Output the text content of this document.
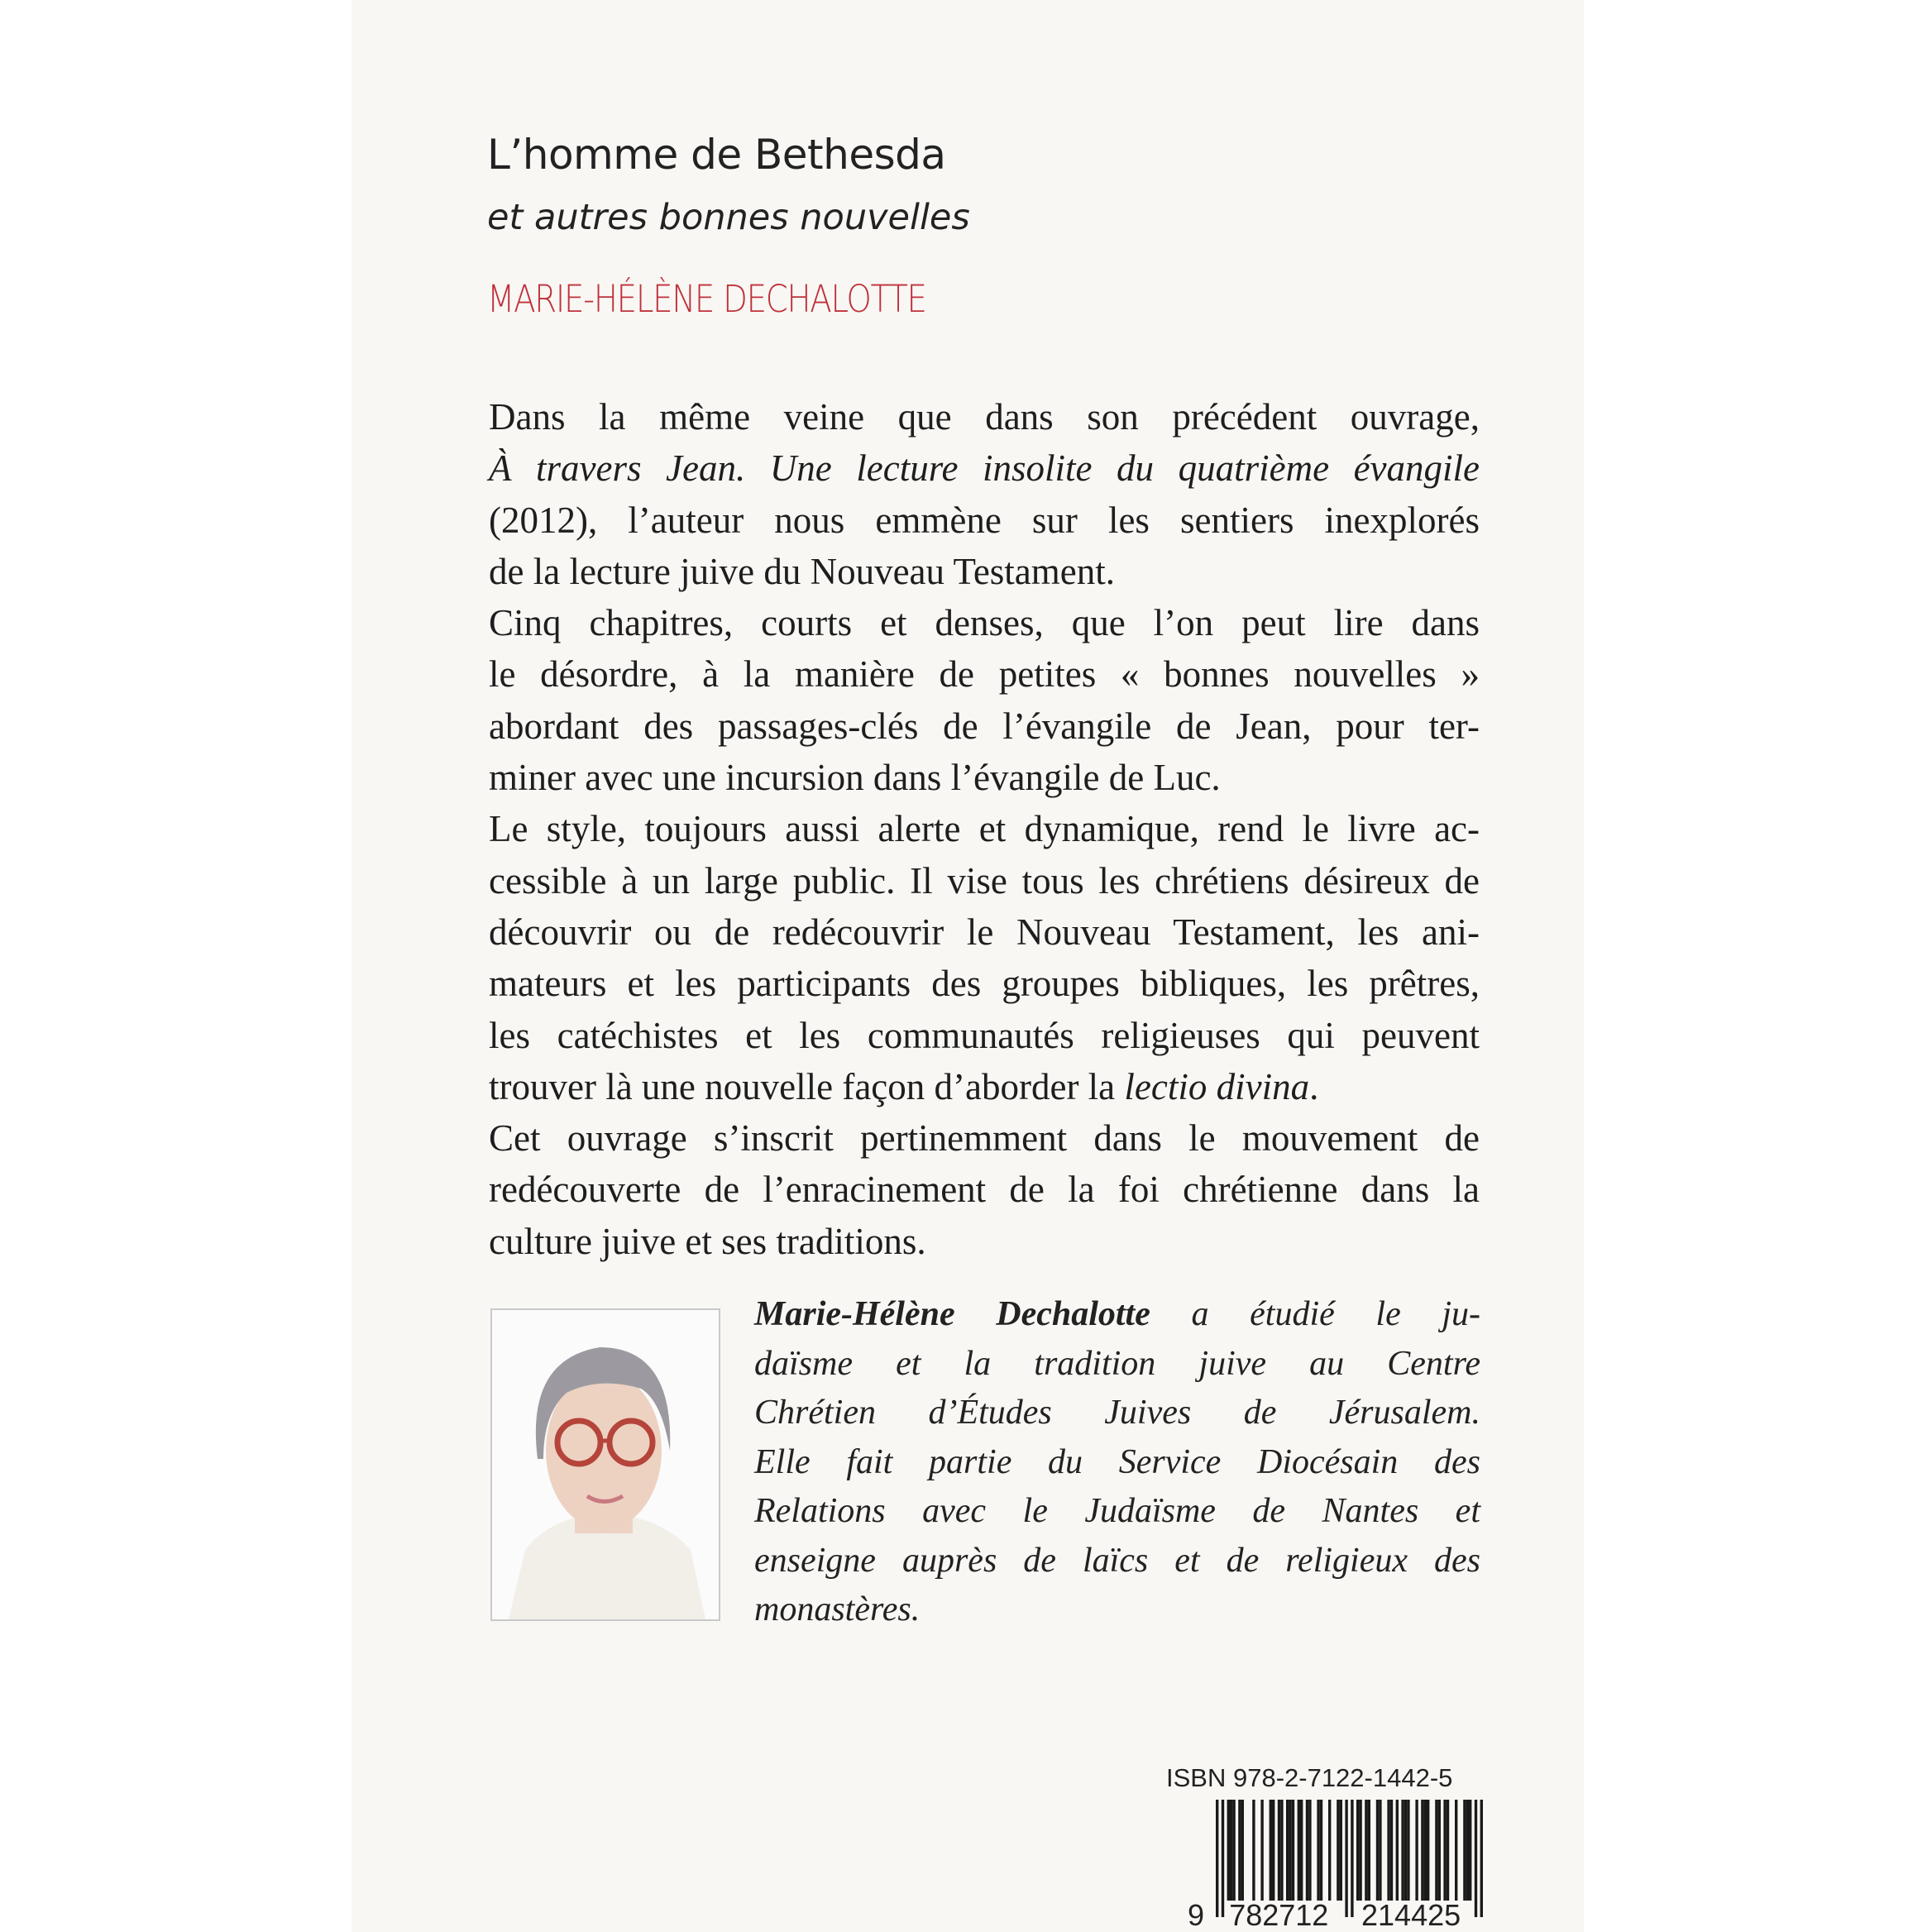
L’homme de Bethesda
et autres bonnes nouvelles
MARIE-HÉLÈNE DECHALOTTE
Dans la même veine que dans son précédent ouvrage,
À travers Jean. Une lecture insolite du quatrième évangile
(2012), l’auteur nous emmène sur les sentiers inexplorés
de la lecture juive du Nouveau Testament.
Cinq chapitres, courts et denses, que l’on peut lire dans
le désordre, à la manière de petites « bonnes nouvelles »
abordant des passages-clés de l’évangile de Jean, pour ter-
miner avec une incursion dans l’évangile de Luc.
Le style, toujours aussi alerte et dynamique, rend le livre ac-
cessible à un large public. Il vise tous les chrétiens désireux de
découvrir ou de redécouvrir le Nouveau Testament, les ani-
mateurs et les participants des groupes bibliques, les prêtres,
les catéchistes et les communautés religieuses qui peuvent
trouver là une nouvelle façon d’aborder la lectio divina.
Cet ouvrage s’inscrit pertinemment dans le mouvement de
redécouverte de l’enracinement de la foi chrétienne dans la
culture juive et ses traditions.
Marie-Hélène Dechalotte a étudié le ju-
daïsme et la tradition juive au Centre
Chrétien d’Études Juives de Jérusalem.
Elle fait partie du Service Diocésain des
Relations avec le Judaïsme de Nantes et
enseigne auprès de laïcs et de religieux des
monastères.
ISBN 978-2-7122-1442-5
9 782712 214425
